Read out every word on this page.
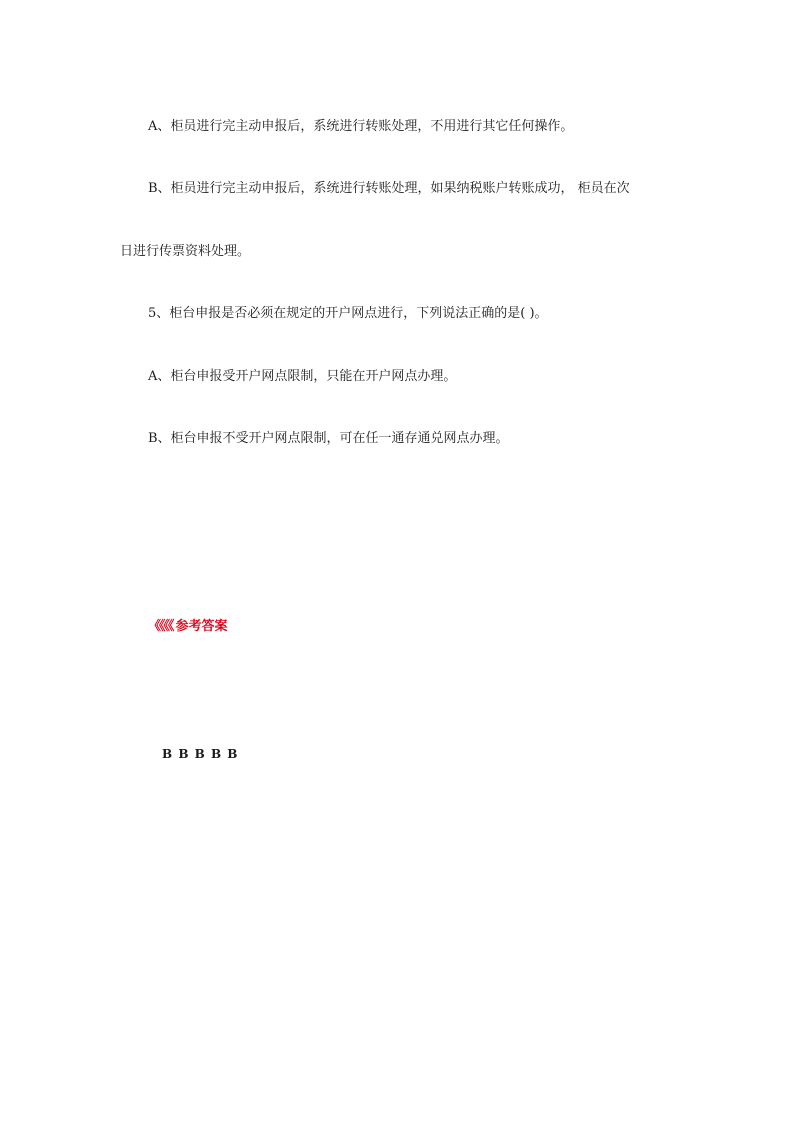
A、柜员进行完主动申报后，系统进行转账处理，不用进行其它任何操作。

B、柜员进行完主动申报后，系统进行转账处理，如果纳税账户转账成功， 柜员在次

日进行传票资料处理。

5、柜台申报是否必须在规定的开户网点进行，下列说法正确的是( )。

A、柜台申报受开户网点限制，只能在开户网点办理。

B、柜台申报不受开户网点限制，可在任一通存通兑网点办理。

《《《《 参考答案
B B B B B
